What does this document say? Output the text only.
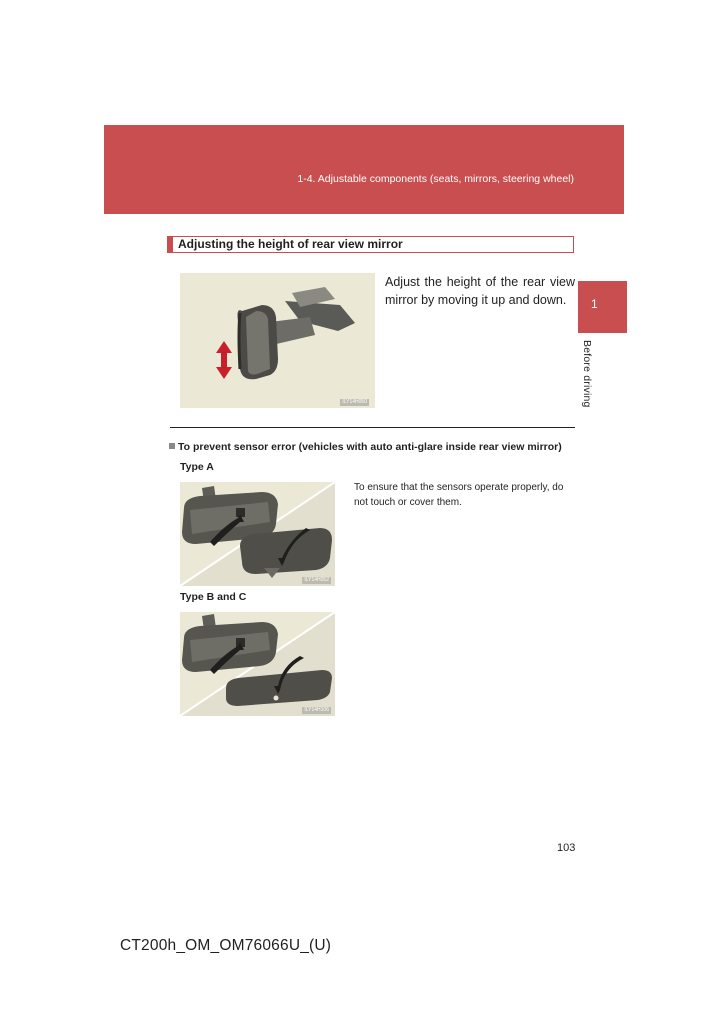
1-4. Adjustable components (seats, mirrors, steering wheel)
1
Before driving
Adjusting the height of rear view mirror
ILY14H050
Adjust the height of the rear view mirror by moving it up and down.
To prevent sensor error (vehicles with auto anti-glare inside rear view mirror)
Type A
ILY14H052
To ensure that the sensors operate properly, do not touch or cover them.
Type B and C
ILY14H106
103
CT200h_OM_OM76066U_(U)
